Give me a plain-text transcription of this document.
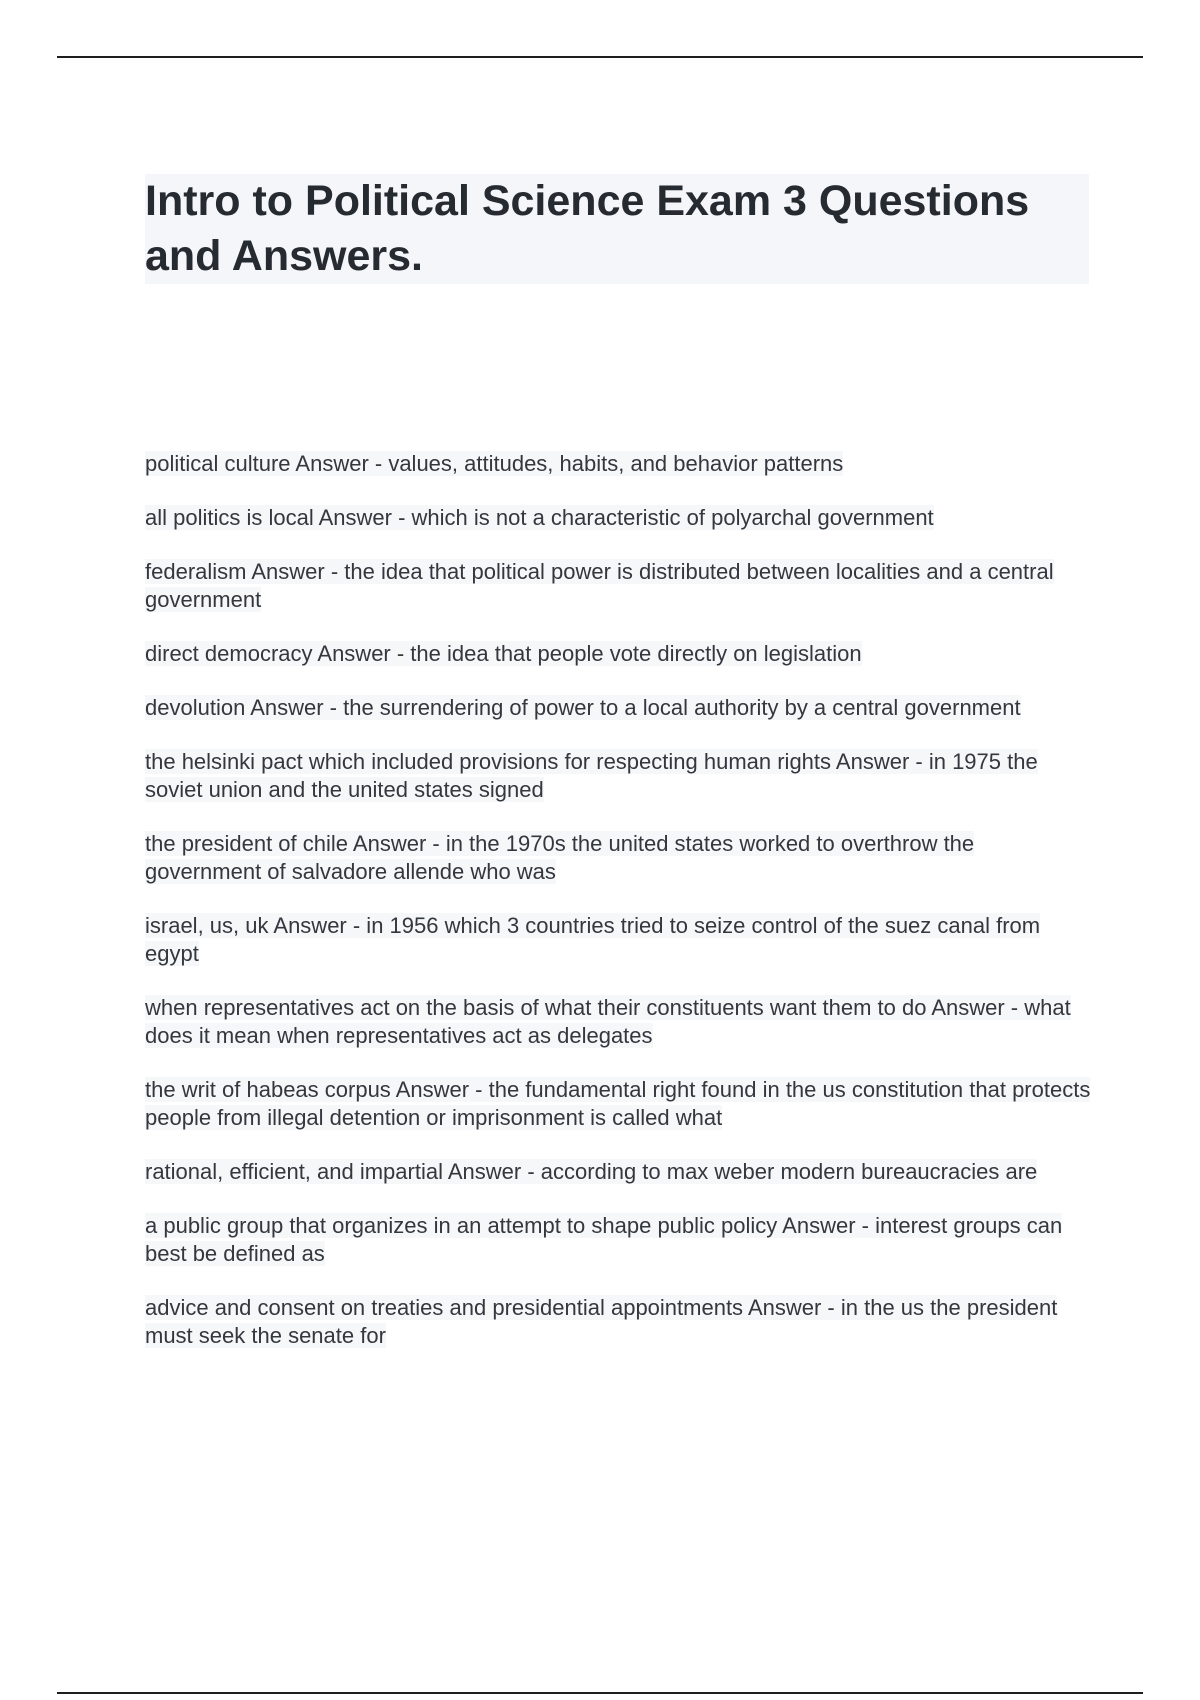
Intro to Political Science Exam 3 Questions and Answers.

political culture Answer - values, attitudes, habits, and behavior patterns

all politics is local Answer - which is not a characteristic of polyarchal government

federalism Answer - the idea that political power is distributed between localities and a central government

direct democracy Answer - the idea that people vote directly on legislation

devolution Answer - the surrendering of power to a local authority by a central government

the helsinki pact which included provisions for respecting human rights Answer - in 1975 the soviet union and the united states signed

the president of chile Answer - in the 1970s the united states worked to overthrow the government of salvadore allende who was

israel, us, uk Answer - in 1956 which 3 countries tried to seize control of the suez canal from egypt

when representatives act on the basis of what their constituents want them to do Answer - what does it mean when representatives act as delegates

the writ of habeas corpus Answer - the fundamental right found in the us constitution that protects people from illegal detention or imprisonment is called what

rational, efficient, and impartial Answer - according to max weber modern bureaucracies are

a public group that organizes in an attempt to shape public policy Answer - interest groups can best be defined as

advice and consent on treaties and presidential appointments Answer - in the us the president must seek the senate for
